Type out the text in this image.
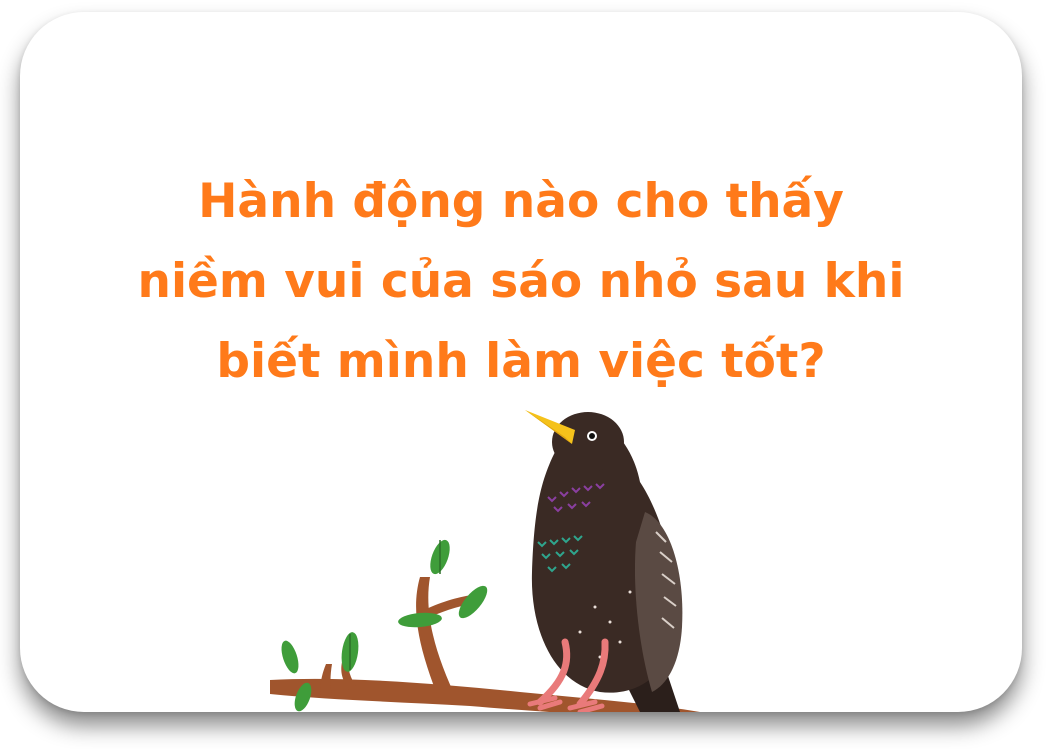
Hành động nào cho thấy
niềm vui của sáo nhỏ sau khi
biết mình làm việc tốt?
